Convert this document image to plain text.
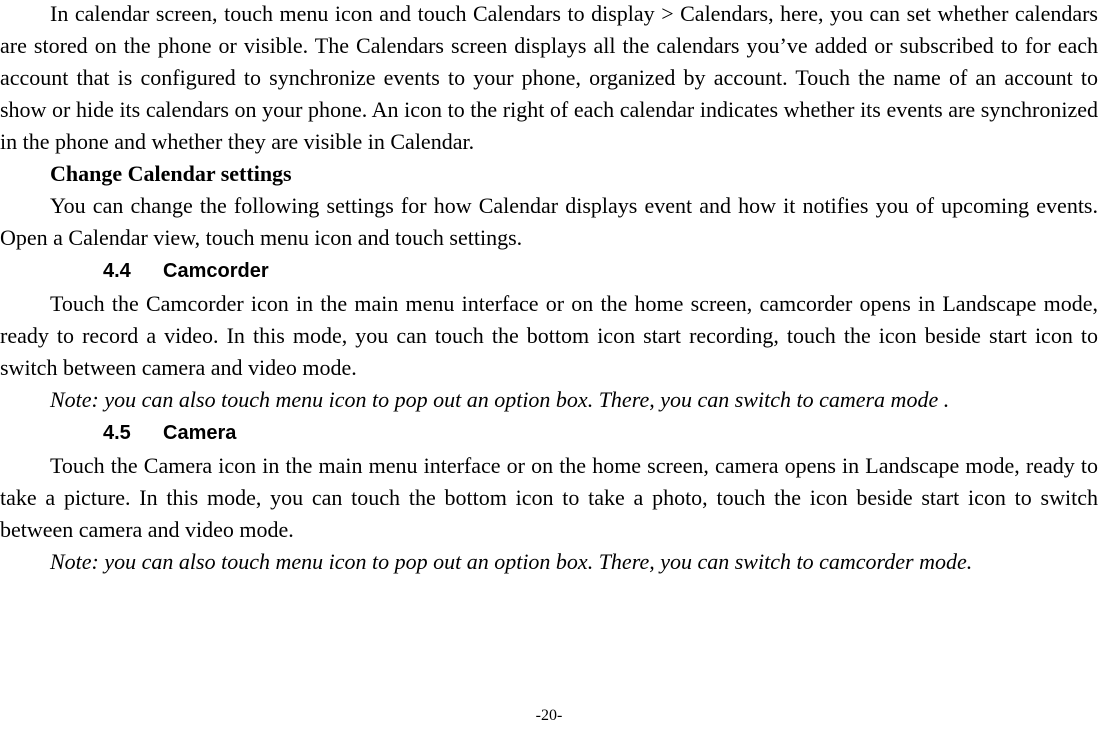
In calendar screen, touch menu icon and touch Calendars to display > Calendars, here, you can set whether calendars are stored on the phone or visible. The Calendars screen displays all the calendars you’ve added or subscribed to for each account that is configured to synchronize events to your phone, organized by account. Touch the name of an account to show or hide its calendars on your phone. An icon to the right of each calendar indicates whether its events are synchronized in the phone and whether they are visible in Calendar.

Change Calendar settings

You can change the following settings for how Calendar displays event and how it notifies you of upcoming events. Open a Calendar view, touch menu icon and touch settings.

4.4 Camcorder

Touch the Camcorder icon in the main menu interface or on the home screen, camcorder opens in Landscape mode, ready to record a video. In this mode, you can touch the bottom icon start recording, touch the icon beside start icon to switch between camera and video mode.

Note: you can also touch menu icon to pop out an option box. There, you can switch to camera mode .

4.5 Camera

Touch the Camera icon in the main menu interface or on the home screen, camera opens in Landscape mode, ready to take a picture. In this mode, you can touch the bottom icon to take a photo, touch the icon beside start icon to switch between camera and video mode.

Note: you can also touch menu icon to pop out an option box. There, you can switch to camcorder mode.

-20-
